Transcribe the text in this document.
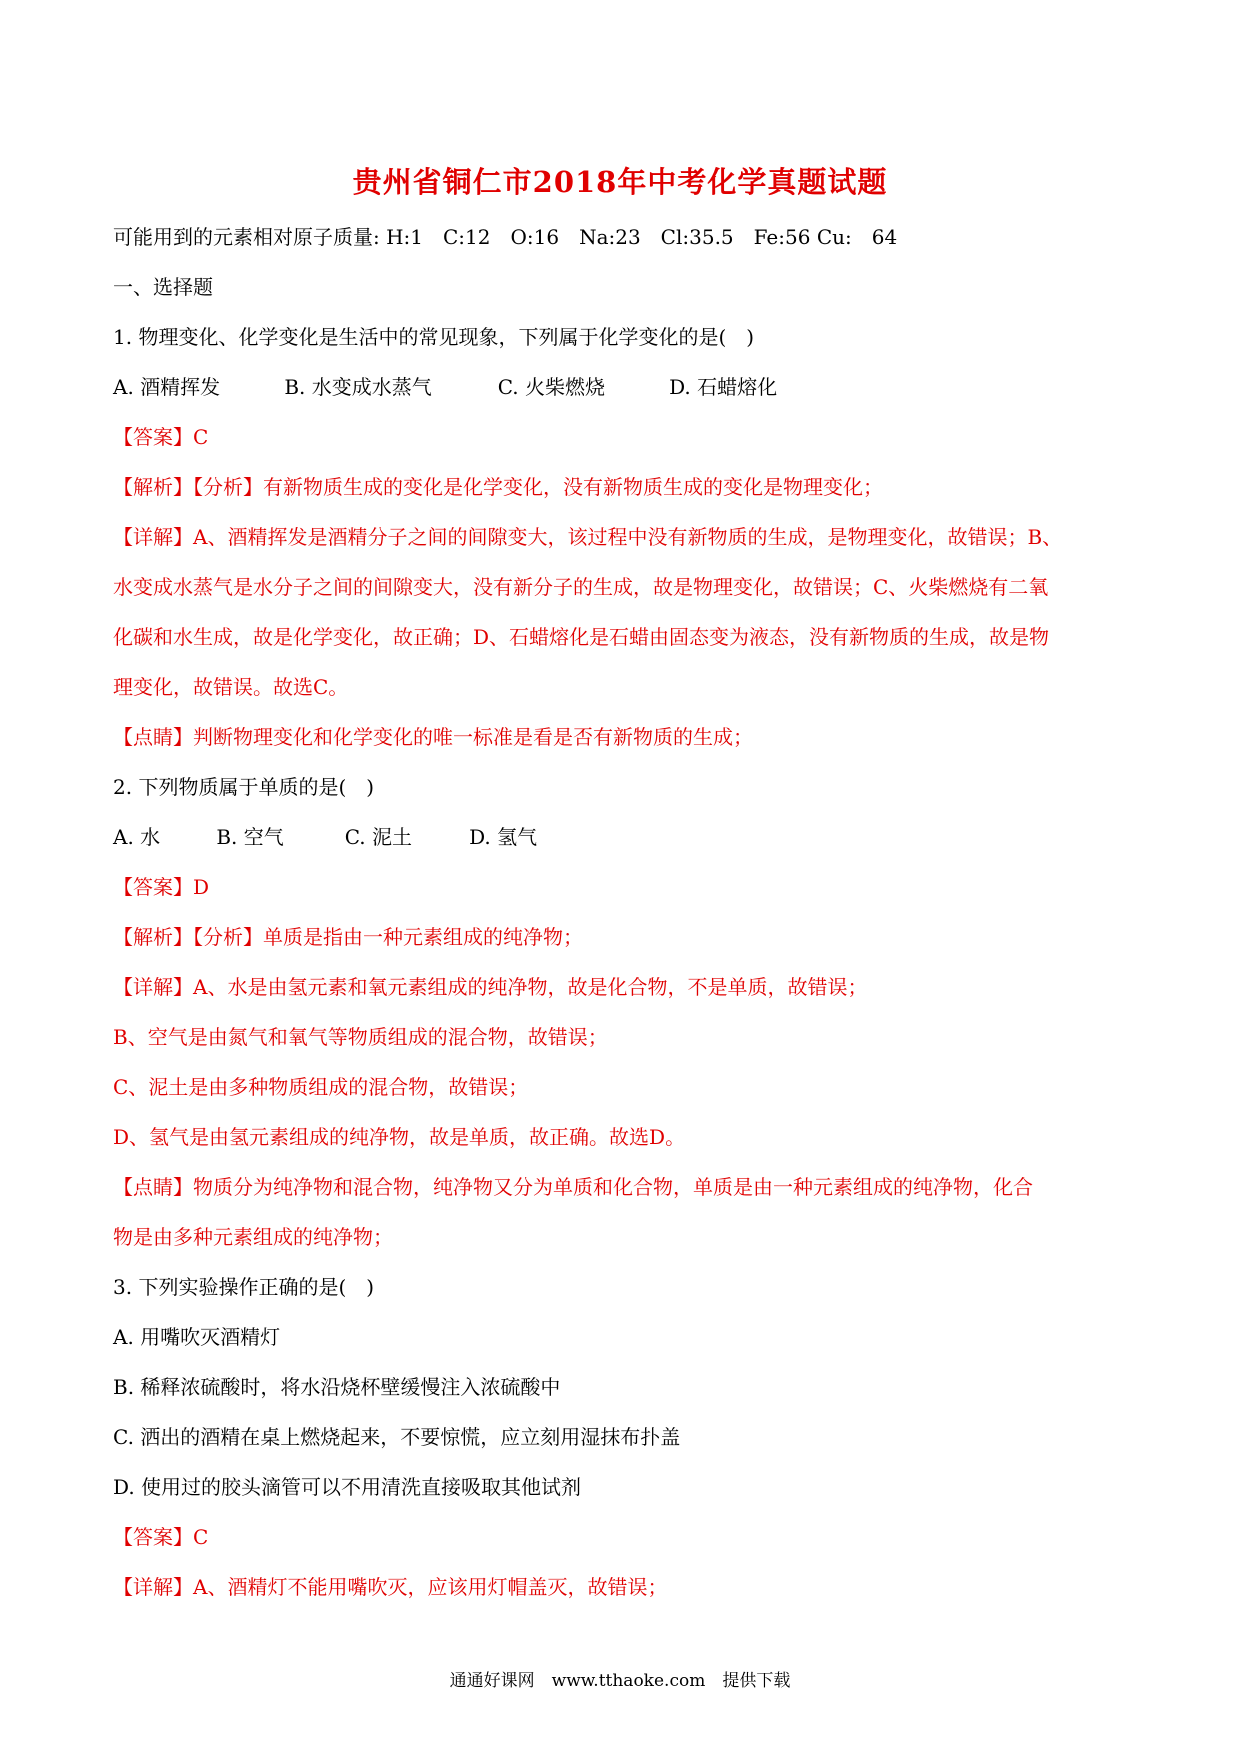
贵州省铜仁市2018年中考化学真题试题
可能用到的元素相对原子质量: H:1　C:12　O:16　Na:23　Cl:35.5　Fe:56 Cu:　64
一、选择题
1. 物理变化、化学变化是生活中的常见现象，下列属于化学变化的是(　)
A. 酒精挥发	B. 水变成水蒸气	C. 火柴燃烧	D. 石蜡熔化
【答案】C
【解析】【分析】有新物质生成的变化是化学变化，没有新物质生成的变化是物理变化；
【详解】A、酒精挥发是酒精分子之间的间隙变大，该过程中没有新物质的生成，是物理变化，故错误；B、
水变成水蒸气是水分子之间的间隙变大，没有新分子的生成，故是物理变化，故错误；C、火柴燃烧有二氧
化碳和水生成，故是化学变化，故正确；D、石蜡熔化是石蜡由固态变为液态，没有新物质的生成，故是物
理变化，故错误。故选C。
【点睛】判断物理变化和化学变化的唯一标准是看是否有新物质的生成；
2. 下列物质属于单质的是(　)
A. 水	B. 空气	C. 泥土	D. 氢气
【答案】D
【解析】【分析】单质是指由一种元素组成的纯净物；
【详解】A、水是由氢元素和氧元素组成的纯净物，故是化合物，不是单质，故错误；
B、空气是由氮气和氧气等物质组成的混合物，故错误；
C、泥土是由多种物质组成的混合物，故错误；
D、氢气是由氢元素组成的纯净物，故是单质，故正确。故选D。
【点睛】物质分为纯净物和混合物，纯净物又分为单质和化合物，单质是由一种元素组成的纯净物，化合
物是由多种元素组成的纯净物；
3. 下列实验操作正确的是(　)
A. 用嘴吹灭酒精灯
B. 稀释浓硫酸时，将水沿烧杯壁缓慢注入浓硫酸中
C. 洒出的酒精在桌上燃烧起来，不要惊慌，应立刻用湿抹布扑盖
D. 使用过的胶头滴管可以不用清洗直接吸取其他试剂
【答案】C
【详解】A、酒精灯不能用嘴吹灭，应该用灯帽盖灭，故错误；
通通好课网　www.tthaoke.com　提供下载
